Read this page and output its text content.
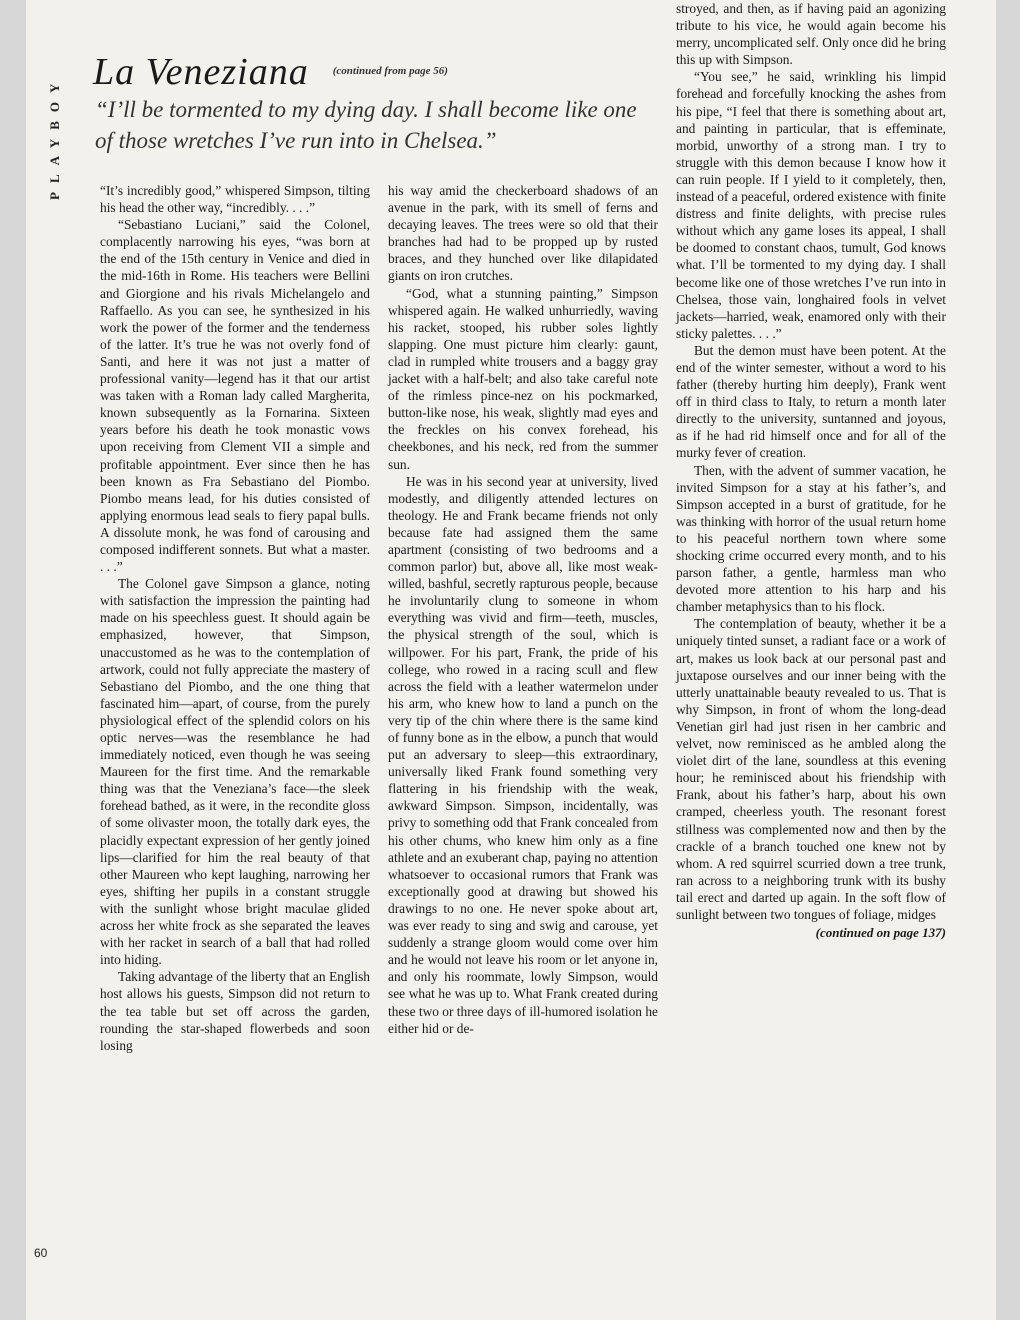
PLAYBOY
La Veneziana $^{(continued from page 56)}$
“I’ll be tormented to my dying day. I shall become like one of those wretches I’ve run into in Chelsea.”

“It’s incredibly good,” whispered Simpson, tilting his head the other way, “incredibly. . . .”

“Sebastiano Luciani,” said the Colonel, complacently narrowing his eyes, “was born at the end of the 15th century in Venice and died in the mid-16th in Rome. His teachers were Bellini and Giorgione and his rivals Michelangelo and Raffaello. As you can see, he synthesized in his work the power of the former and the tenderness of the latter. It’s true he was not overly fond of Santi, and here it was not just a matter of professional vanity—legend has it that our artist was taken with a Roman lady called Margherita, known subsequently as la Fornarina. Sixteen years before his death he took monastic vows upon receiving from Clement VII a simple and profitable appointment. Ever since then he has been known as Fra Sebastiano del Piombo. Piombo means lead, for his duties consisted of applying enormous lead seals to fiery papal bulls. A dissolute monk, he was fond of carousing and composed indifferent sonnets. But what a master. . . .”

The Colonel gave Simpson a glance, noting with satisfaction the impression the painting had made on his speechless guest. It should again be emphasized, however, that Simpson, unaccustomed as he was to the contemplation of artwork, could not fully appreciate the mastery of Sebastiano del Piombo, and the one thing that fascinated him—apart, of course, from the purely physiological effect of the splendid colors on his optic nerves—was the resemblance he had immediately noticed, even though he was seeing Maureen for the first time. And the remarkable thing was that the Veneziana’s face—the sleek forehead bathed, as it were, in the recondite gloss of some olivaster moon, the totally dark eyes, the placidly expectant expression of her gently joined lips—clarified for him the real beauty of that other Maureen who kept laughing, narrowing her eyes, shifting her pupils in a constant struggle with the sunlight whose bright maculae glided across her white frock as she separated the leaves with her racket in search of a ball that had rolled into hiding.

Taking advantage of the liberty that an English host allows his guests, Simpson did not return to the tea table but set off across the garden, rounding the star-shaped flowerbeds and soon losing

his way amid the checkerboard shadows of an avenue in the park, with its smell of ferns and decaying leaves. The trees were so old that their branches had had to be propped up by rusted braces, and they hunched over like dilapidated giants on iron crutches.

“God, what a stunning painting,” Simpson whispered again. He walked unhurriedly, waving his racket, stooped, his rubber soles lightly slapping. One must picture him clearly: gaunt, clad in rumpled white trousers and a baggy gray jacket with a half-belt; and also take careful note of the rimless pince-nez on his pockmarked, button-like nose, his weak, slightly mad eyes and the freckles on his convex forehead, his cheekbones, and his neck, red from the summer sun.

He was in his second year at university, lived modestly, and diligently attended lectures on theology. He and Frank became friends not only because fate had assigned them the same apartment (consisting of two bedrooms and a common parlor) but, above all, like most weak-willed, bashful, secretly rapturous people, because he involuntarily clung to someone in whom everything was vivid and firm—teeth, muscles, the physical strength of the soul, which is willpower. For his part, Frank, the pride of his college, who rowed in a racing scull and flew across the field with a leather watermelon under his arm, who knew how to land a punch on the very tip of the chin where there is the same kind of funny bone as in the elbow, a punch that would put an adversary to sleep—this extraordinary, universally liked Frank found something very flattering in his friendship with the weak, awkward Simpson. Simpson, incidentally, was privy to something odd that Frank concealed from his other chums, who knew him only as a fine athlete and an exuberant chap, paying no attention whatsoever to occasional rumors that Frank was exceptionally good at drawing but showed his drawings to no one. He never spoke about art, was ever ready to sing and swig and carouse, yet suddenly a strange gloom would come over him and he would not leave his room or let anyone in, and only his roommate, lowly Simpson, would see what he was up to. What Frank created during these two or three days of ill-humored isolation he either hid or de-

stroyed, and then, as if having paid an agonizing tribute to his vice, he would again become his merry, uncomplicated self. Only once did he bring this up with Simpson.

“You see,” he said, wrinkling his limpid forehead and forcefully knocking the ashes from his pipe, “I feel that there is something about art, and painting in particular, that is effeminate, morbid, unworthy of a strong man. I try to struggle with this demon because I know how it can ruin people. If I yield to it completely, then, instead of a peaceful, ordered existence with finite distress and finite delights, with precise rules without which any game loses its appeal, I shall be doomed to constant chaos, tumult, God knows what. I’ll be tormented to my dying day. I shall become like one of those wretches I’ve run into in Chelsea, those vain, longhaired fools in velvet jackets—harried, weak, enamored only with their sticky palettes. . . .”

But the demon must have been potent. At the end of the winter semester, without a word to his father (thereby hurting him deeply), Frank went off in third class to Italy, to return a month later directly to the university, suntanned and joyous, as if he had rid himself once and for all of the murky fever of creation.

Then, with the advent of summer vacation, he invited Simpson for a stay at his father’s, and Simpson accepted in a burst of gratitude, for he was thinking with horror of the usual return home to his peaceful northern town where some shocking crime occurred every month, and to his parson father, a gentle, harmless man who devoted more attention to his harp and his chamber metaphysics than to his flock.

The contemplation of beauty, whether it be a uniquely tinted sunset, a radiant face or a work of art, makes us look back at our personal past and juxtapose ourselves and our inner being with the utterly unattainable beauty revealed to us. That is why Simpson, in front of whom the long-dead Venetian girl had just risen in her cambric and velvet, now reminisced as he ambled along the violet dirt of the lane, soundless at this evening hour; he reminisced about his friendship with Frank, about his father’s harp, about his own cramped, cheerless youth. The resonant forest stillness was complemented now and then by the crackle of a branch touched one knew not by whom. A red squirrel scurried down a tree trunk, ran across to a neighboring trunk with its bushy tail erect and darted up again. In the soft flow of sunlight between two tongues of foliage, midges

(continued on page 137)
60
